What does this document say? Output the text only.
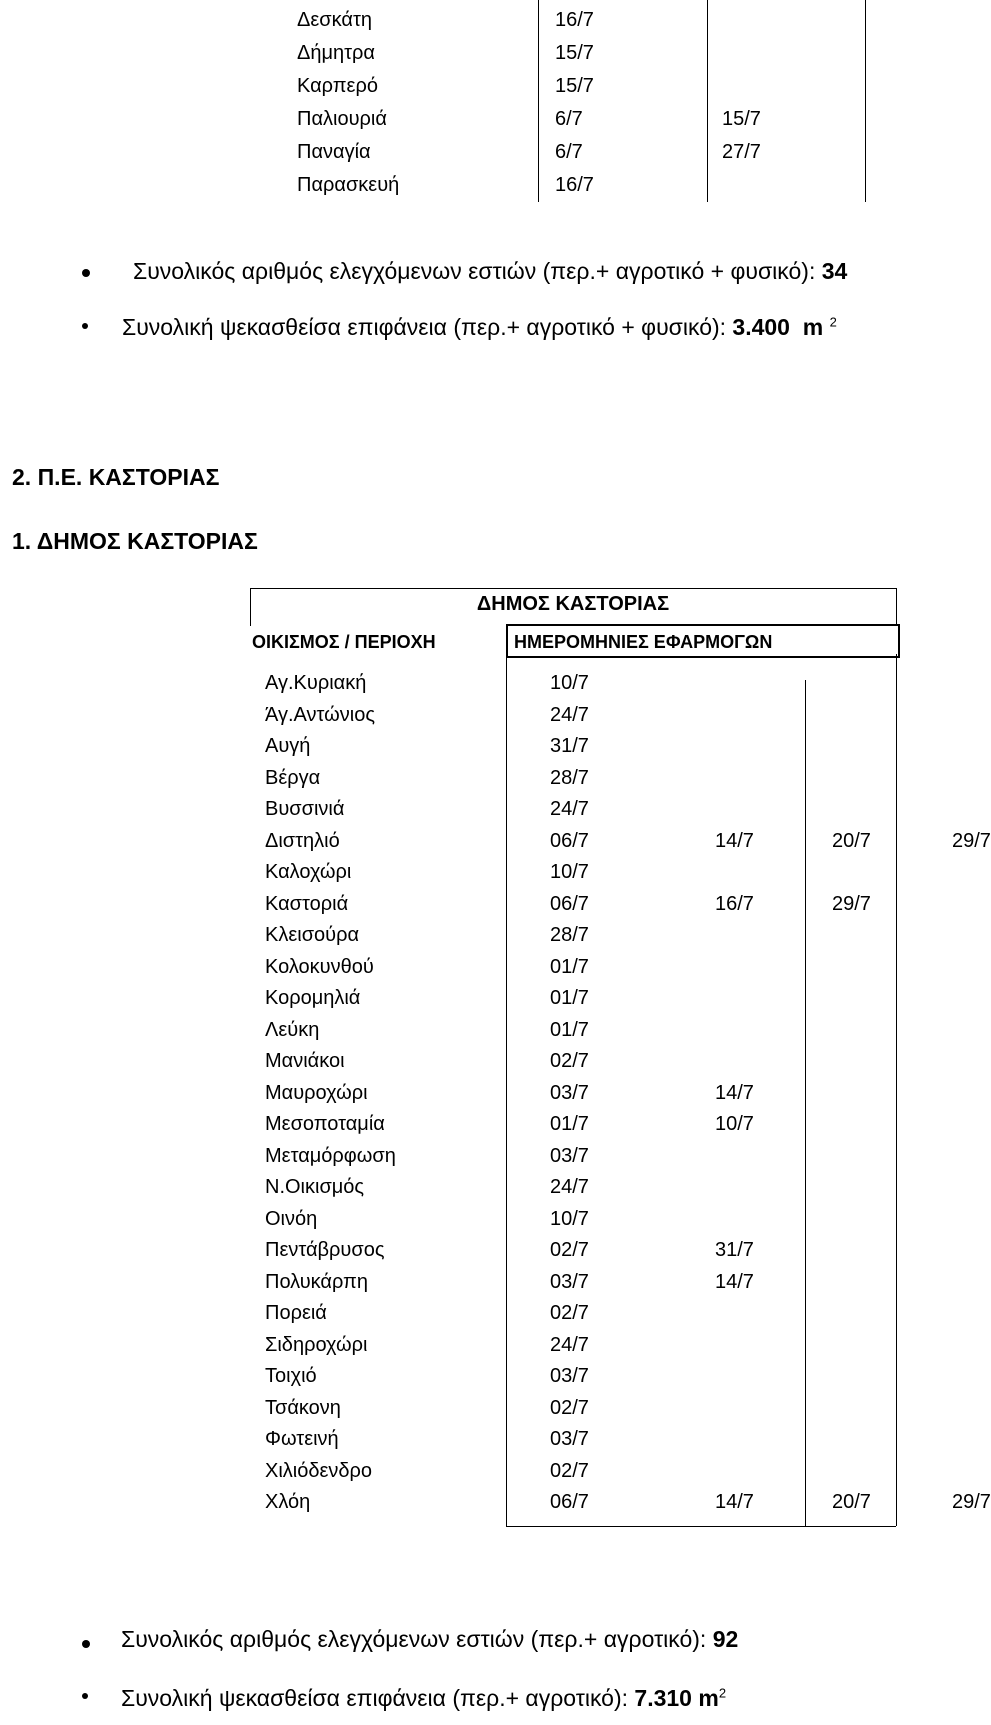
Δεσκάτη	16/7
Δήμητρα	15/7
Καρπερό	15/7
Παλιουριά	6/7	15/7
Παναγία	6/7	27/7
Παρασκευή	16/7
Συνολικός αριθμός ελεγχόμενων εστιών (περ.+ αγροτικό + φυσικό): 34
Συνολική ψεκασθείσα επιφάνεια (περ.+ αγροτικό + φυσικό): 3.400 m $^2$
2. Π.Ε. ΚΑΣΤΟΡΙΑΣ
1. ΔΗΜΟΣ ΚΑΣΤΟΡΙΑΣ
ΔΗΜΟΣ ΚΑΣΤΟΡΙΑΣ
ΟΙΚΙΣΜΟΣ / ΠΕΡΙΟΧΗ	ΗΜΕΡΟΜΗΝΙΕΣ ΕΦΑΡΜΟΓΩΝ
Αγ.Κυριακή	10/7
Άγ.Αντώνιος	24/7
Αυγή	31/7
Βέργα	28/7
Βυσσινιά	24/7
Διστηλιό	06/7	14/7	20/7	29/7
Καλοχώρι	10/7
Καστοριά	06/7	16/7	29/7
Κλεισούρα	28/7
Κολοκυνθού	01/7
Κορομηλιά	01/7
Λεύκη	01/7
Μανιάκοι	02/7
Μαυροχώρι	03/7	14/7
Μεσοποταμία	01/7	10/7
Μεταμόρφωση	03/7
Ν.Οικισμός	24/7
Οινόη	10/7
Πεντάβρυσος	02/7	31/7
Πολυκάρπη	03/7	14/7
Πορειά	02/7
Σιδηροχώρι	24/7
Τοιχιό	03/7
Τσάκονη	02/7
Φωτεινή	03/7
Χιλιόδενδρο	02/7
Χλόη	06/7	14/7	20/7	29/7
Συνολικός αριθμός ελεγχόμενων εστιών (περ.+ αγροτικό): 92
Συνολική ψεκασθείσα επιφάνεια (περ.+ αγροτικό): 7.310 $m^2$
